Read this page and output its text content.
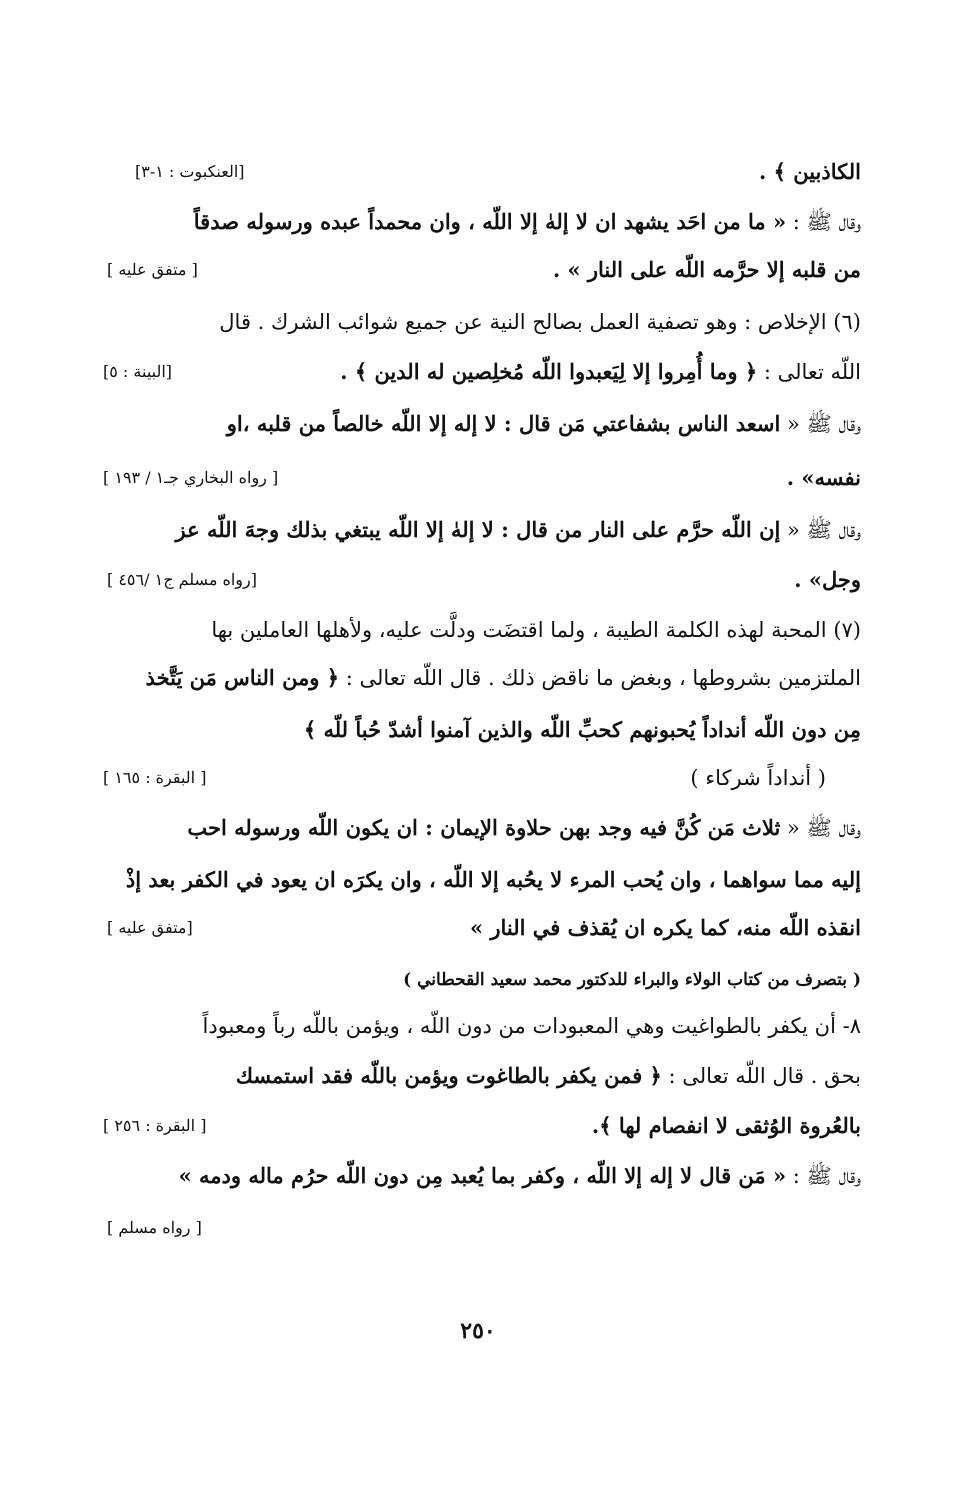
الكاذبين ﴾ .
[العنكبوت : ١-٣]
وقال ﷺ : « ما من احَد يشهد ان لا إلهٰ إلا اللّه ، وان محمداً عبده ورسوله صدقاً
من قلبه إلا حرَّمه اللّه على النار » .
[ متفق عليه ]
(٦) الإخلاص : وهو تصفية العمل بصالح النية عن جميع شوائب الشرك . قال
اللّه تعالى : ﴿ وما أُمِروا إلا لِيَعبدوا اللّه مُخلِصين له الدين ﴾ .
[البينة : ٥]
وقال ﷺ « اسعد الناس بشفاعتي مَن قال : لا إله إلا اللّه خالصاً من قلبه ،او
نفسه» .
[ رواه البخاري جـ١ / ١٩٣ ]
وقال ﷺ « إن اللّه حرَّم على النار من قال : لا إلهٰ إلا اللّه يبتغي بذلك وجهَ اللّه عز
وجل» .
[رواه مسلم ج١ /٤٥٦ ]
(٧) المحبة لهذه الكلمة الطيبة ، ولما اقتضَت ودلَّت عليه، ولأهلها العاملين بها
الملتزمين بشروطها ، وبغض ما ناقض ذلك . قال اللّه تعالى : ﴿ ومن الناس مَن يَتَّخذ
مِن دون اللّه أنداداً يُحبونهم كحبِّ اللّه والذين آمنوا أشدّ حُباً للّه ﴾
( أنداداً شركاء )
[ البقرة : ١٦٥ ]
وقال ﷺ « ثلاث مَن كُنَّ فيه وجد بهن حلاوة الإيمان : ان يكون اللّه ورسوله احب
إليه مما سواهما ، وان يُحب المرء لا يحُبه إلا اللّه ، وان يكرَه ان يعود في الكفر بعد إذْ
انقذه اللّه منه، كما يكره ان يُقذف في النار »
[متفق عليه ]
( بتصرف من كتاب الولاء والبراء للدكتور محمد سعيد القحطاني )
٨- أن يكفر بالطواغيت وهي المعبودات من دون اللّه ، ويؤمن باللّه رباً ومعبوداً
بحق . قال اللّه تعالى : ﴿ فمن يكفر بالطاغوت ويؤمن باللّه فقد استمسك
بالعُروة الوُثقى لا انفصام لها ﴾.
[ البقرة : ٢٥٦ ]
وقال ﷺ : « مَن قال لا إله إلا اللّه ، وكفر بما يُعبد مِن دون اللّه حرُم ماله ودمه »
[ رواه مسلم ]
٢٥٠
